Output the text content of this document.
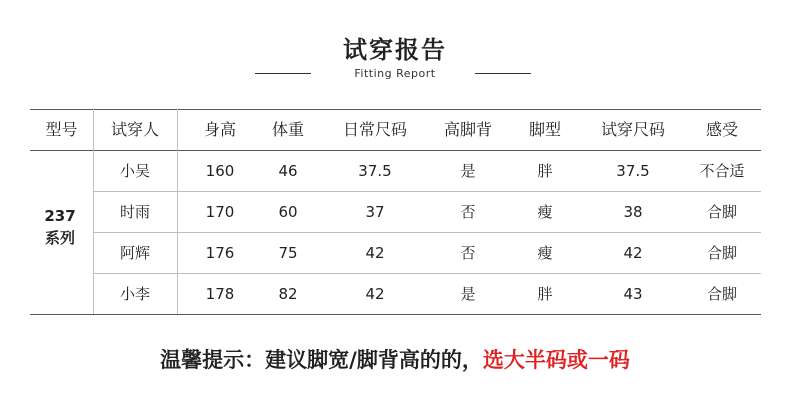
试穿报告
Fitting Report
型号	试穿人	身高	体重	日常尺码	高脚背	脚型	试穿尺码	感受
237
系列
小吴	160	46	37.5	是	胖	37.5	不合适
时雨	170	60	37	否	瘦	38	合脚
阿辉	176	75	42	否	瘦	42	合脚
小李	178	82	42	是	胖	43	合脚
温馨提示：建议脚宽/脚背高的的，选大半码或一码
